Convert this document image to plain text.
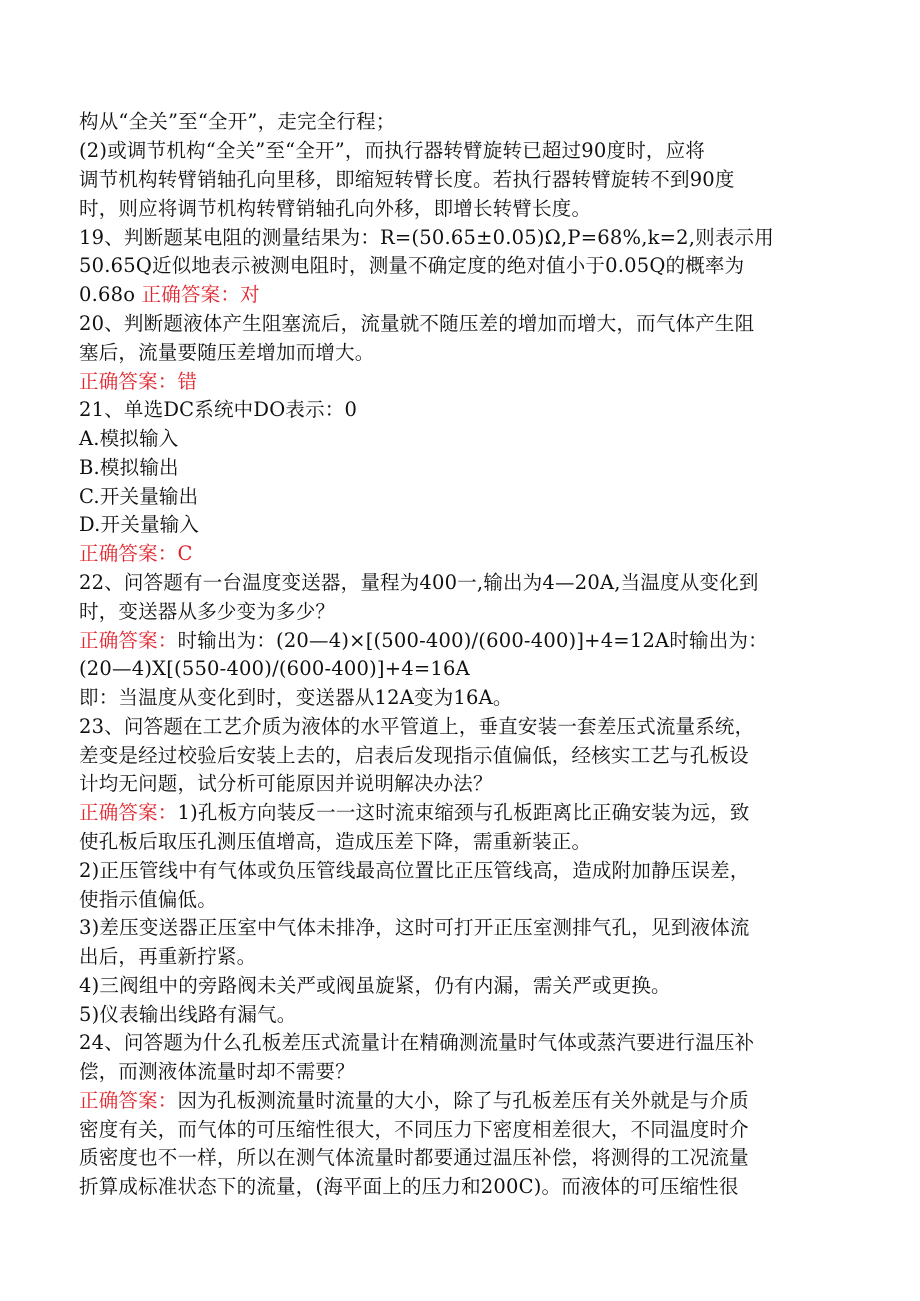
构从“全关”至“全开”，走完全行程；
(2)或调节机构“全关”至“全开”，而执行器转臂旋转已超过90度时，应将
调节机构转臂销轴孔向里移，即缩短转臂长度。若执行器转臂旋转不到90度
时，则应将调节机构转臂销轴孔向外移，即增长转臂长度。
19、判断题某电阻的测量结果为：R=(50.65±0.05)Ω,P=68%,k=2,则表示用
50.65Q近似地表示被测电阻时，测量不确定度的绝对值小于0.05Q的概率为
0.68o 正确答案：对
20、判断题液体产生阻塞流后，流量就不随压差的增加而增大，而气体产生阻
塞后，流量要随压差增加而增大。
正确答案：错
21、单选DC系统中DO表示：0
A.模拟输入
B.模拟输出
C.开关量输出
D.开关量输入
正确答案：C
22、问答题有一台温度变送器，量程为400一,输出为4—20A,当温度从变化到
时，变送器从多少变为多少？
正确答案：时输出为：(20—4)×[(500-400)/(600-400)]+4=12A时输出为：
(20—4)X[(550-400)/(600-400)]+4=16A
即：当温度从变化到时，变送器从12A变为16A。
23、问答题在工艺介质为液体的水平管道上，垂直安装一套差压式流量系统，
差变是经过校验后安装上去的，启表后发现指示值偏低，经核实工艺与孔板设
计均无问题，试分析可能原因并说明解决办法？
正确答案：1)孔板方向装反一一这时流束缩颈与孔板距离比正确安装为远，致
使孔板后取压孔测压值增高，造成压差下降，需重新装正。
2)正压管线中有气体或负压管线最高位置比正压管线高，造成附加静压误差，
使指示值偏低。
3)差压变送器正压室中气体未排净，这时可打开正压室测排气孔，见到液体流
出后，再重新拧紧。
4)三阀组中的旁路阀未关严或阀虽旋紧，仍有内漏，需关严或更换。
5)仪表输出线路有漏气。
24、问答题为什么孔板差压式流量计在精确测流量时气体或蒸汽要进行温压补
偿，而测液体流量时却不需要？
正确答案：因为孔板测流量时流量的大小，除了与孔板差压有关外就是与介质
密度有关，而气体的可压缩性很大，不同压力下密度相差很大，不同温度时介
质密度也不一样，所以在测气体流量时都要通过温压补偿，将测得的工况流量
折算成标准状态下的流量，(海平面上的压力和200C)。而液体的可压缩性很
